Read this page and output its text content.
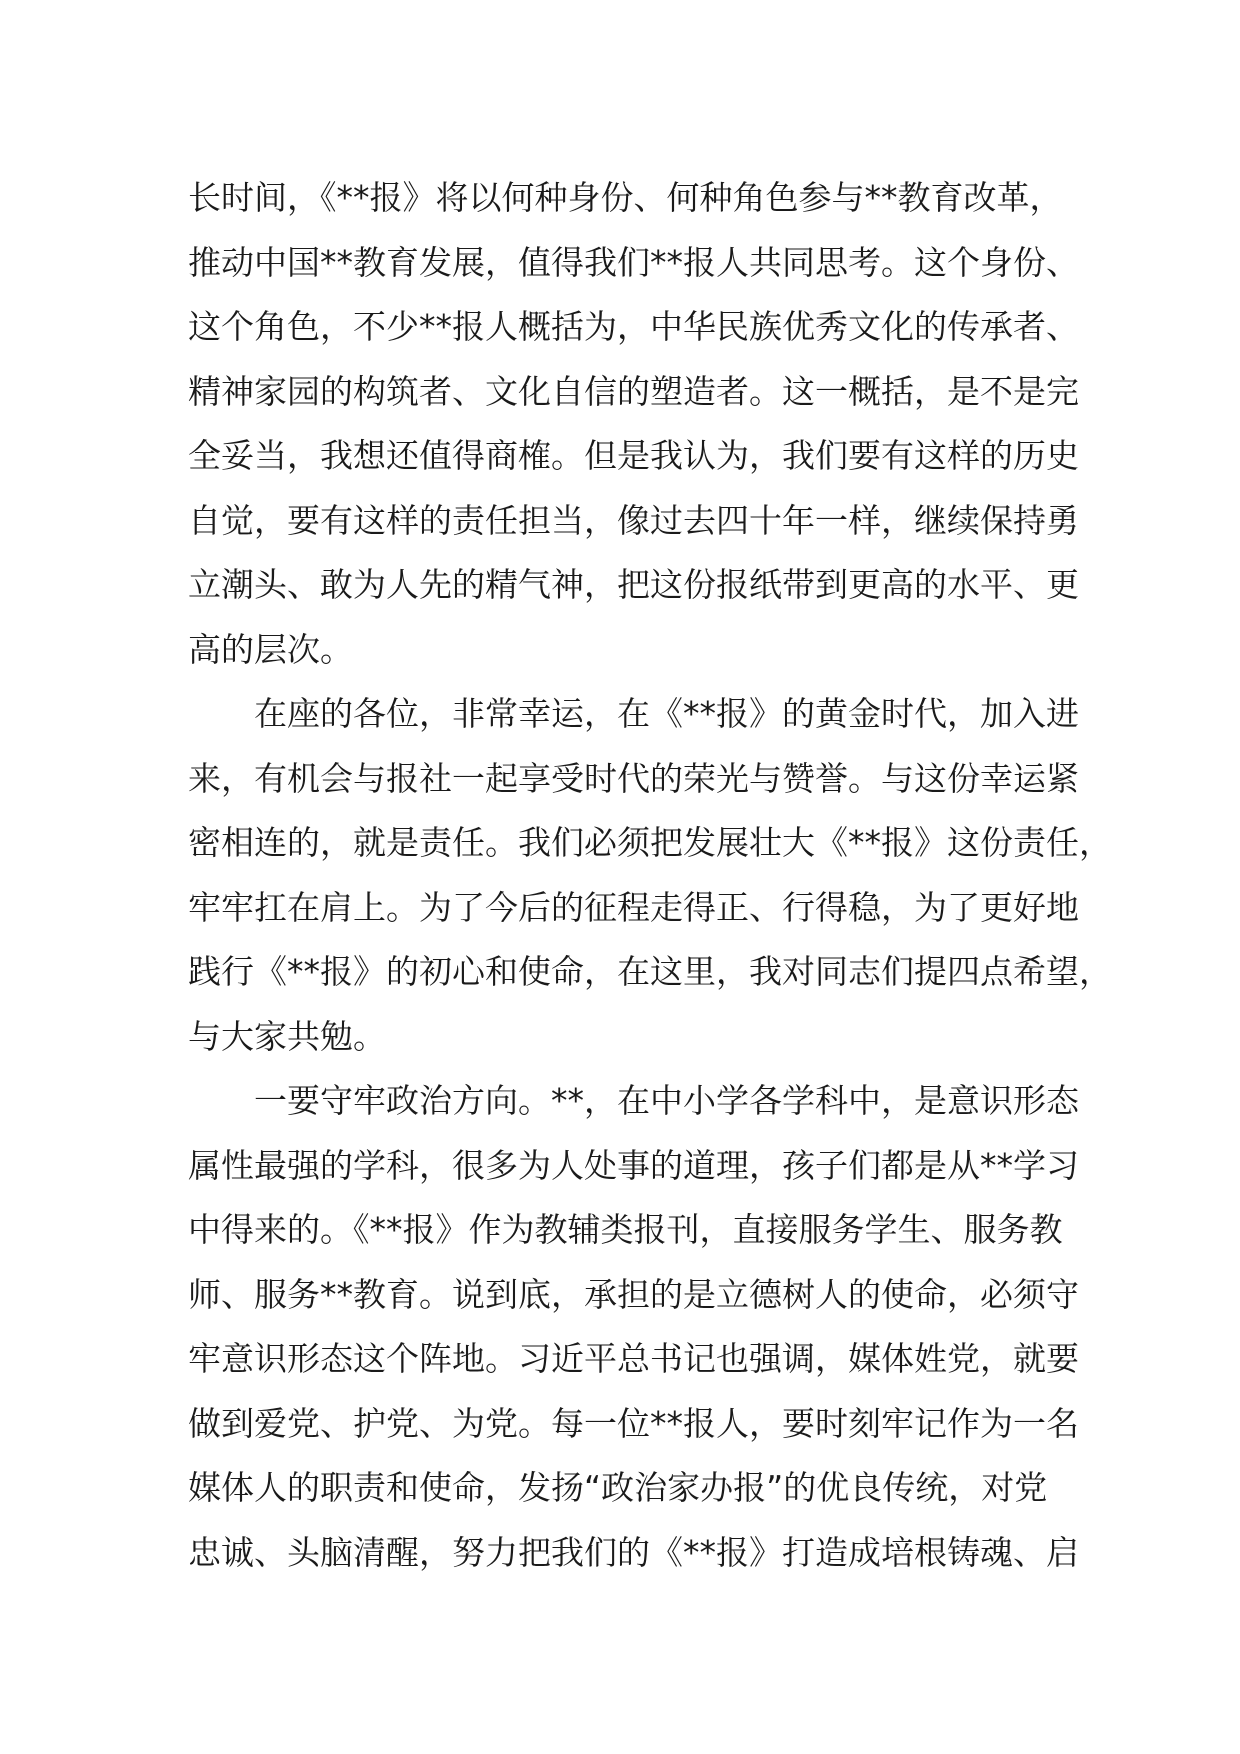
长时间，《**报》将以何种身份、何种角色参与**教育改革，
推动中国**教育发展，值得我们**报人共同思考。这个身份、
这个角色，不少**报人概括为，中华民族优秀文化的传承者、
精神家园的构筑者、文化自信的塑造者。这一概括，是不是完
全妥当，我想还值得商榷。但是我认为，我们要有这样的历史
自觉，要有这样的责任担当，像过去四十年一样，继续保持勇
立潮头、敢为人先的精气神，把这份报纸带到更高的水平、更
高的层次。
在座的各位，非常幸运，在《**报》的黄金时代，加入进
来，有机会与报社一起享受时代的荣光与赞誉。与这份幸运紧
密相连的，就是责任。我们必须把发展壮大《**报》这份责任，
牢牢扛在肩上。为了今后的征程走得正、行得稳，为了更好地
践行《**报》的初心和使命，在这里，我对同志们提四点希望，
与大家共勉。
一要守牢政治方向。**，在中小学各学科中，是意识形态
属性最强的学科，很多为人处事的道理，孩子们都是从**学习
中得来的。《**报》作为教辅类报刊，直接服务学生、服务教
师、服务**教育。说到底，承担的是立德树人的使命，必须守
牢意识形态这个阵地。习近平总书记也强调，媒体姓党，就要
做到爱党、护党、为党。每一位**报人，要时刻牢记作为一名
媒体人的职责和使命，发扬“政治家办报”的优良传统，对党
忠诚、头脑清醒，努力把我们的《**报》打造成培根铸魂、启
